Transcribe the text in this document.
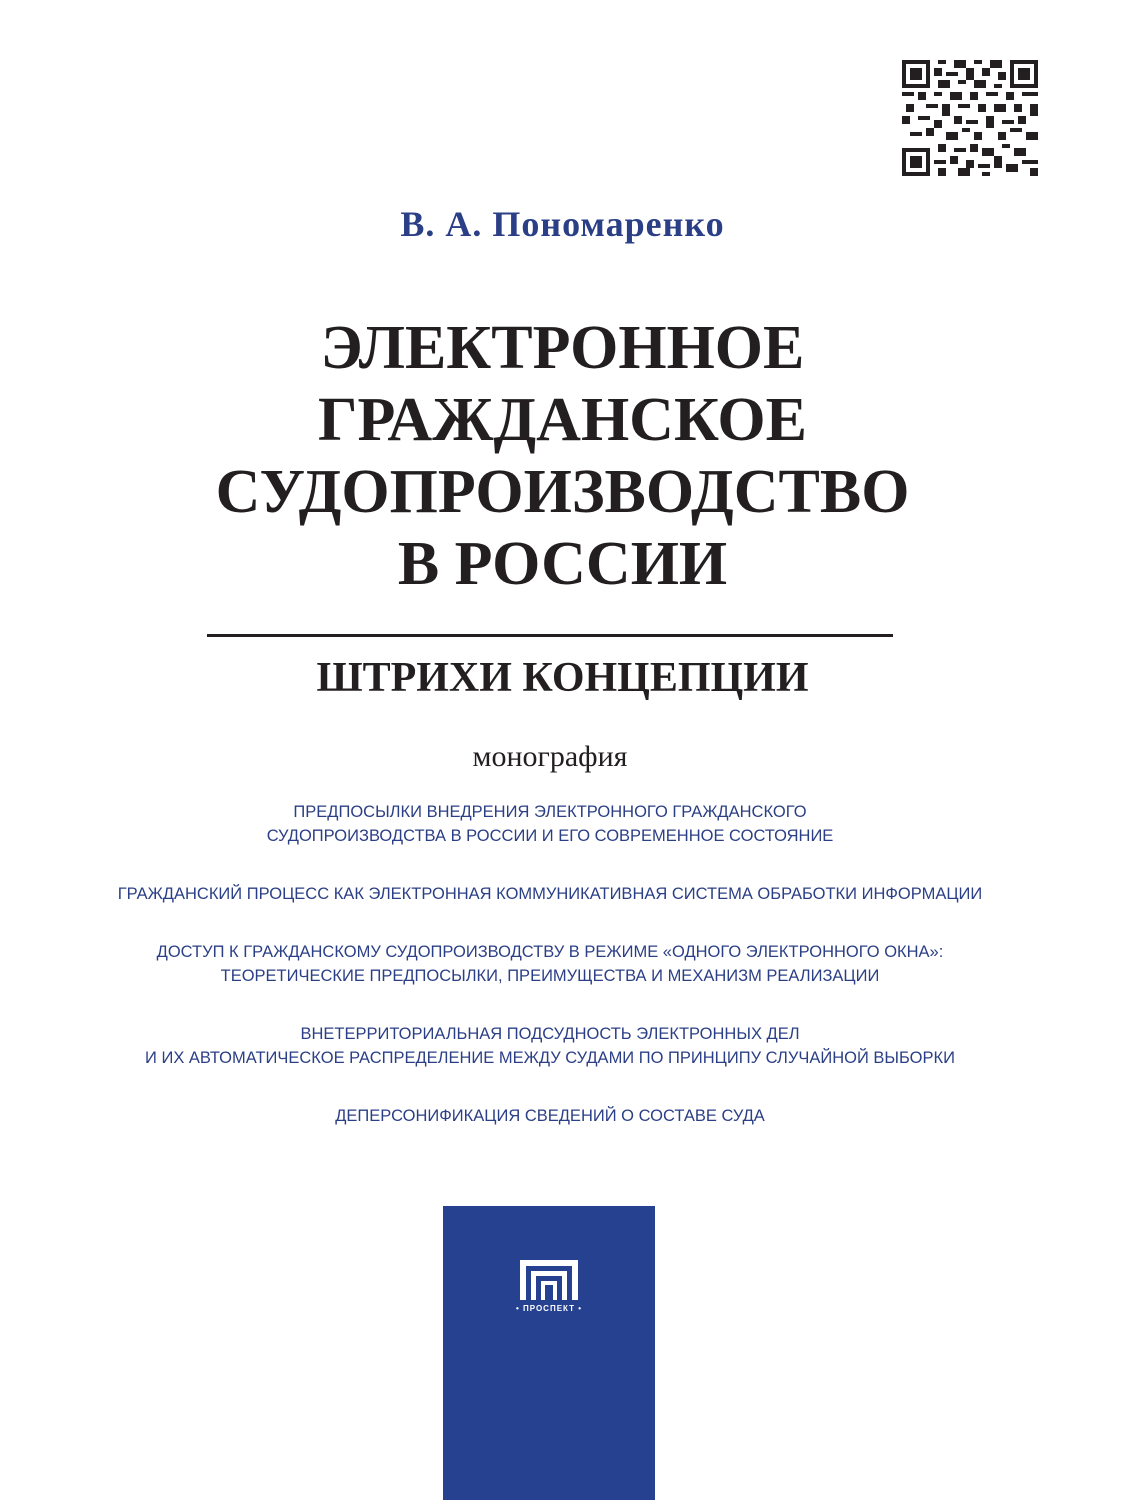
В. А. Пономаренко
ЭЛЕКТРОННОЕ
ГРАЖДАНСКОЕ
СУДОПРОИЗВОДСТВО
В РОССИИ
ШТРИХИ КОНЦЕПЦИИ
монография
ПРЕДПОСЫЛКИ ВНЕДРЕНИЯ ЭЛЕКТРОННОГО ГРАЖДАНСКОГО
СУДОПРОИЗВОДСТВА В РОССИИ И ЕГО СОВРЕМЕННОЕ СОСТОЯНИЕ
ГРАЖДАНСКИЙ ПРОЦЕСС КАК ЭЛЕКТРОННАЯ КОММУНИКАТИВНАЯ СИСТЕМА ОБРАБОТКИ ИНФОРМАЦИИ
ДОСТУП К ГРАЖДАНСКОМУ СУДОПРОИЗВОДСТВУ В РЕЖИМЕ «ОДНОГО ЭЛЕКТРОННОГО ОКНА»:
ТЕОРЕТИЧЕСКИЕ ПРЕДПОСЫЛКИ, ПРЕИМУЩЕСТВА И МЕХАНИЗМ РЕАЛИЗАЦИИ
ВНЕТЕРРИТОРИАЛЬНАЯ ПОДСУДНОСТЬ ЭЛЕКТРОННЫХ ДЕЛ
И ИХ АВТОМАТИЧЕСКОЕ РАСПРЕДЕЛЕНИЕ МЕЖДУ СУДАМИ ПО ПРИНЦИПУ СЛУЧАЙНОЙ ВЫБОРКИ
ДЕПЕРСОНИФИКАЦИЯ СВЕДЕНИЙ О СОСТАВЕ СУДА
• ПРОСПЕКТ •
